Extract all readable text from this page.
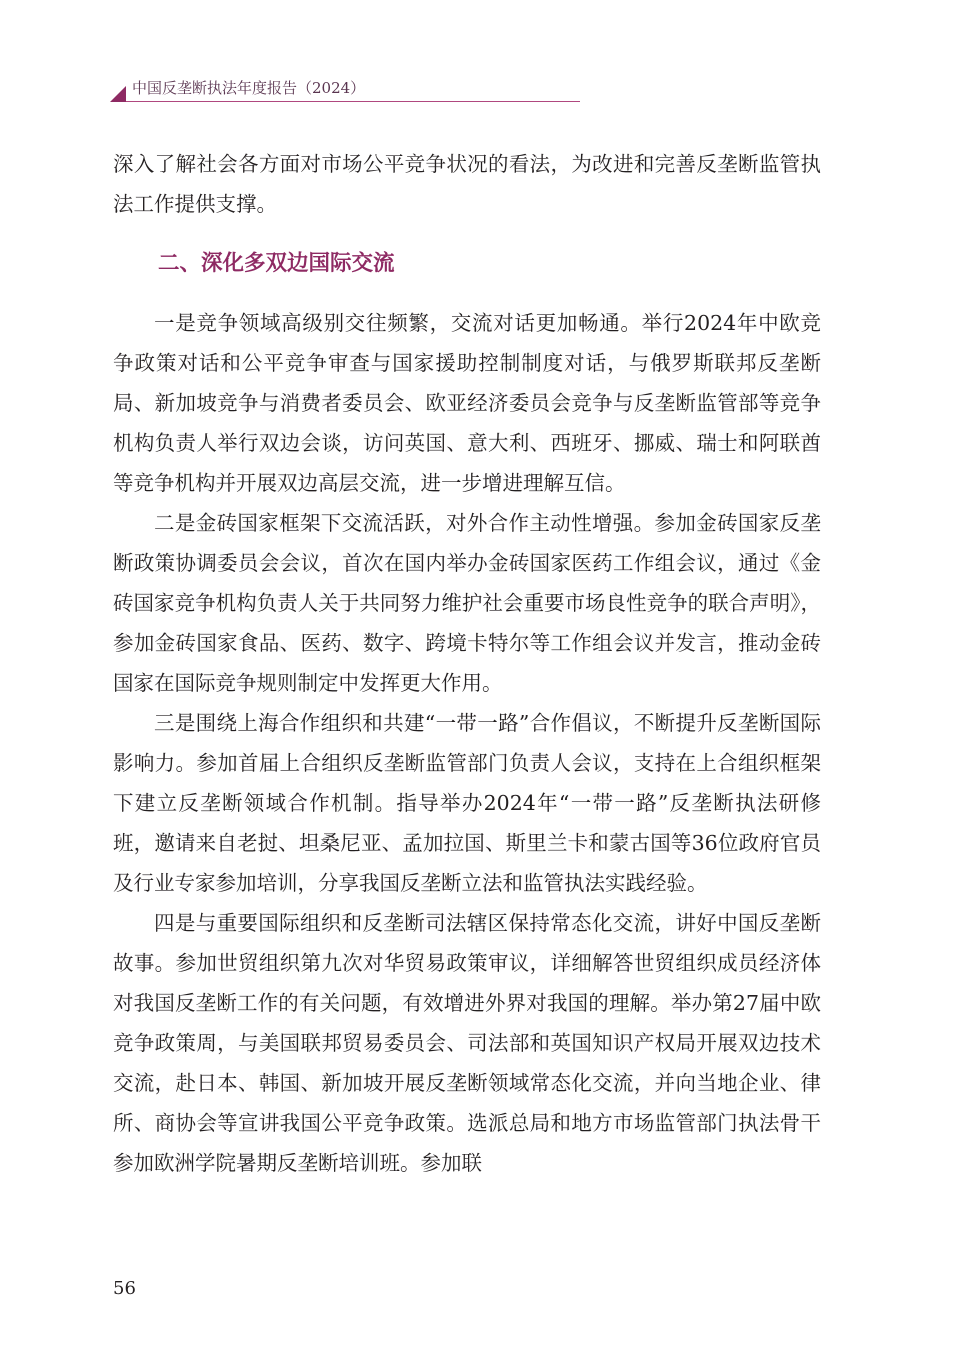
中国反垄断执法年度报告（2024）

深入了解社会各方面对市场公平竞争状况的看法，为改进和完善反垄断监管执法工作提供支撑。

二、深化多双边国际交流

一是竞争领域高级别交往频繁，交流对话更加畅通。举行2024年中欧竞争政策对话和公平竞争审查与国家援助控制制度对话，与俄罗斯联邦反垄断局、新加坡竞争与消费者委员会、欧亚经济委员会竞争与反垄断监管部等竞争机构负责人举行双边会谈，访问英国、意大利、西班牙、挪威、瑞士和阿联酋等竞争机构并开展双边高层交流，进一步增进理解互信。

二是金砖国家框架下交流活跃，对外合作主动性增强。参加金砖国家反垄断政策协调委员会会议，首次在国内举办金砖国家医药工作组会议，通过《金砖国家竞争机构负责人关于共同努力维护社会重要市场良性竞争的联合声明》，参加金砖国家食品、医药、数字、跨境卡特尔等工作组会议并发言，推动金砖国家在国际竞争规则制定中发挥更大作用。

三是围绕上海合作组织和共建“一带一路”合作倡议，不断提升反垄断国际影响力。参加首届上合组织反垄断监管部门负责人会议，支持在上合组织框架下建立反垄断领域合作机制。指导举办2024年“一带一路”反垄断执法研修班，邀请来自老挝、坦桑尼亚、孟加拉国、斯里兰卡和蒙古国等36位政府官员及行业专家参加培训，分享我国反垄断立法和监管执法实践经验。

四是与重要国际组织和反垄断司法辖区保持常态化交流，讲好中国反垄断故事。参加世贸组织第九次对华贸易政策审议，详细解答世贸组织成员经济体对我国反垄断工作的有关问题，有效增进外界对我国的理解。举办第27届中欧竞争政策周，与美国联邦贸易委员会、司法部和英国知识产权局开展双边技术交流，赴日本、韩国、新加坡开展反垄断领域常态化交流，并向当地企业、律所、商协会等宣讲我国公平竞争政策。选派总局和地方市场监管部门执法骨干参加欧洲学院暑期反垄断培训班。参加联

56
